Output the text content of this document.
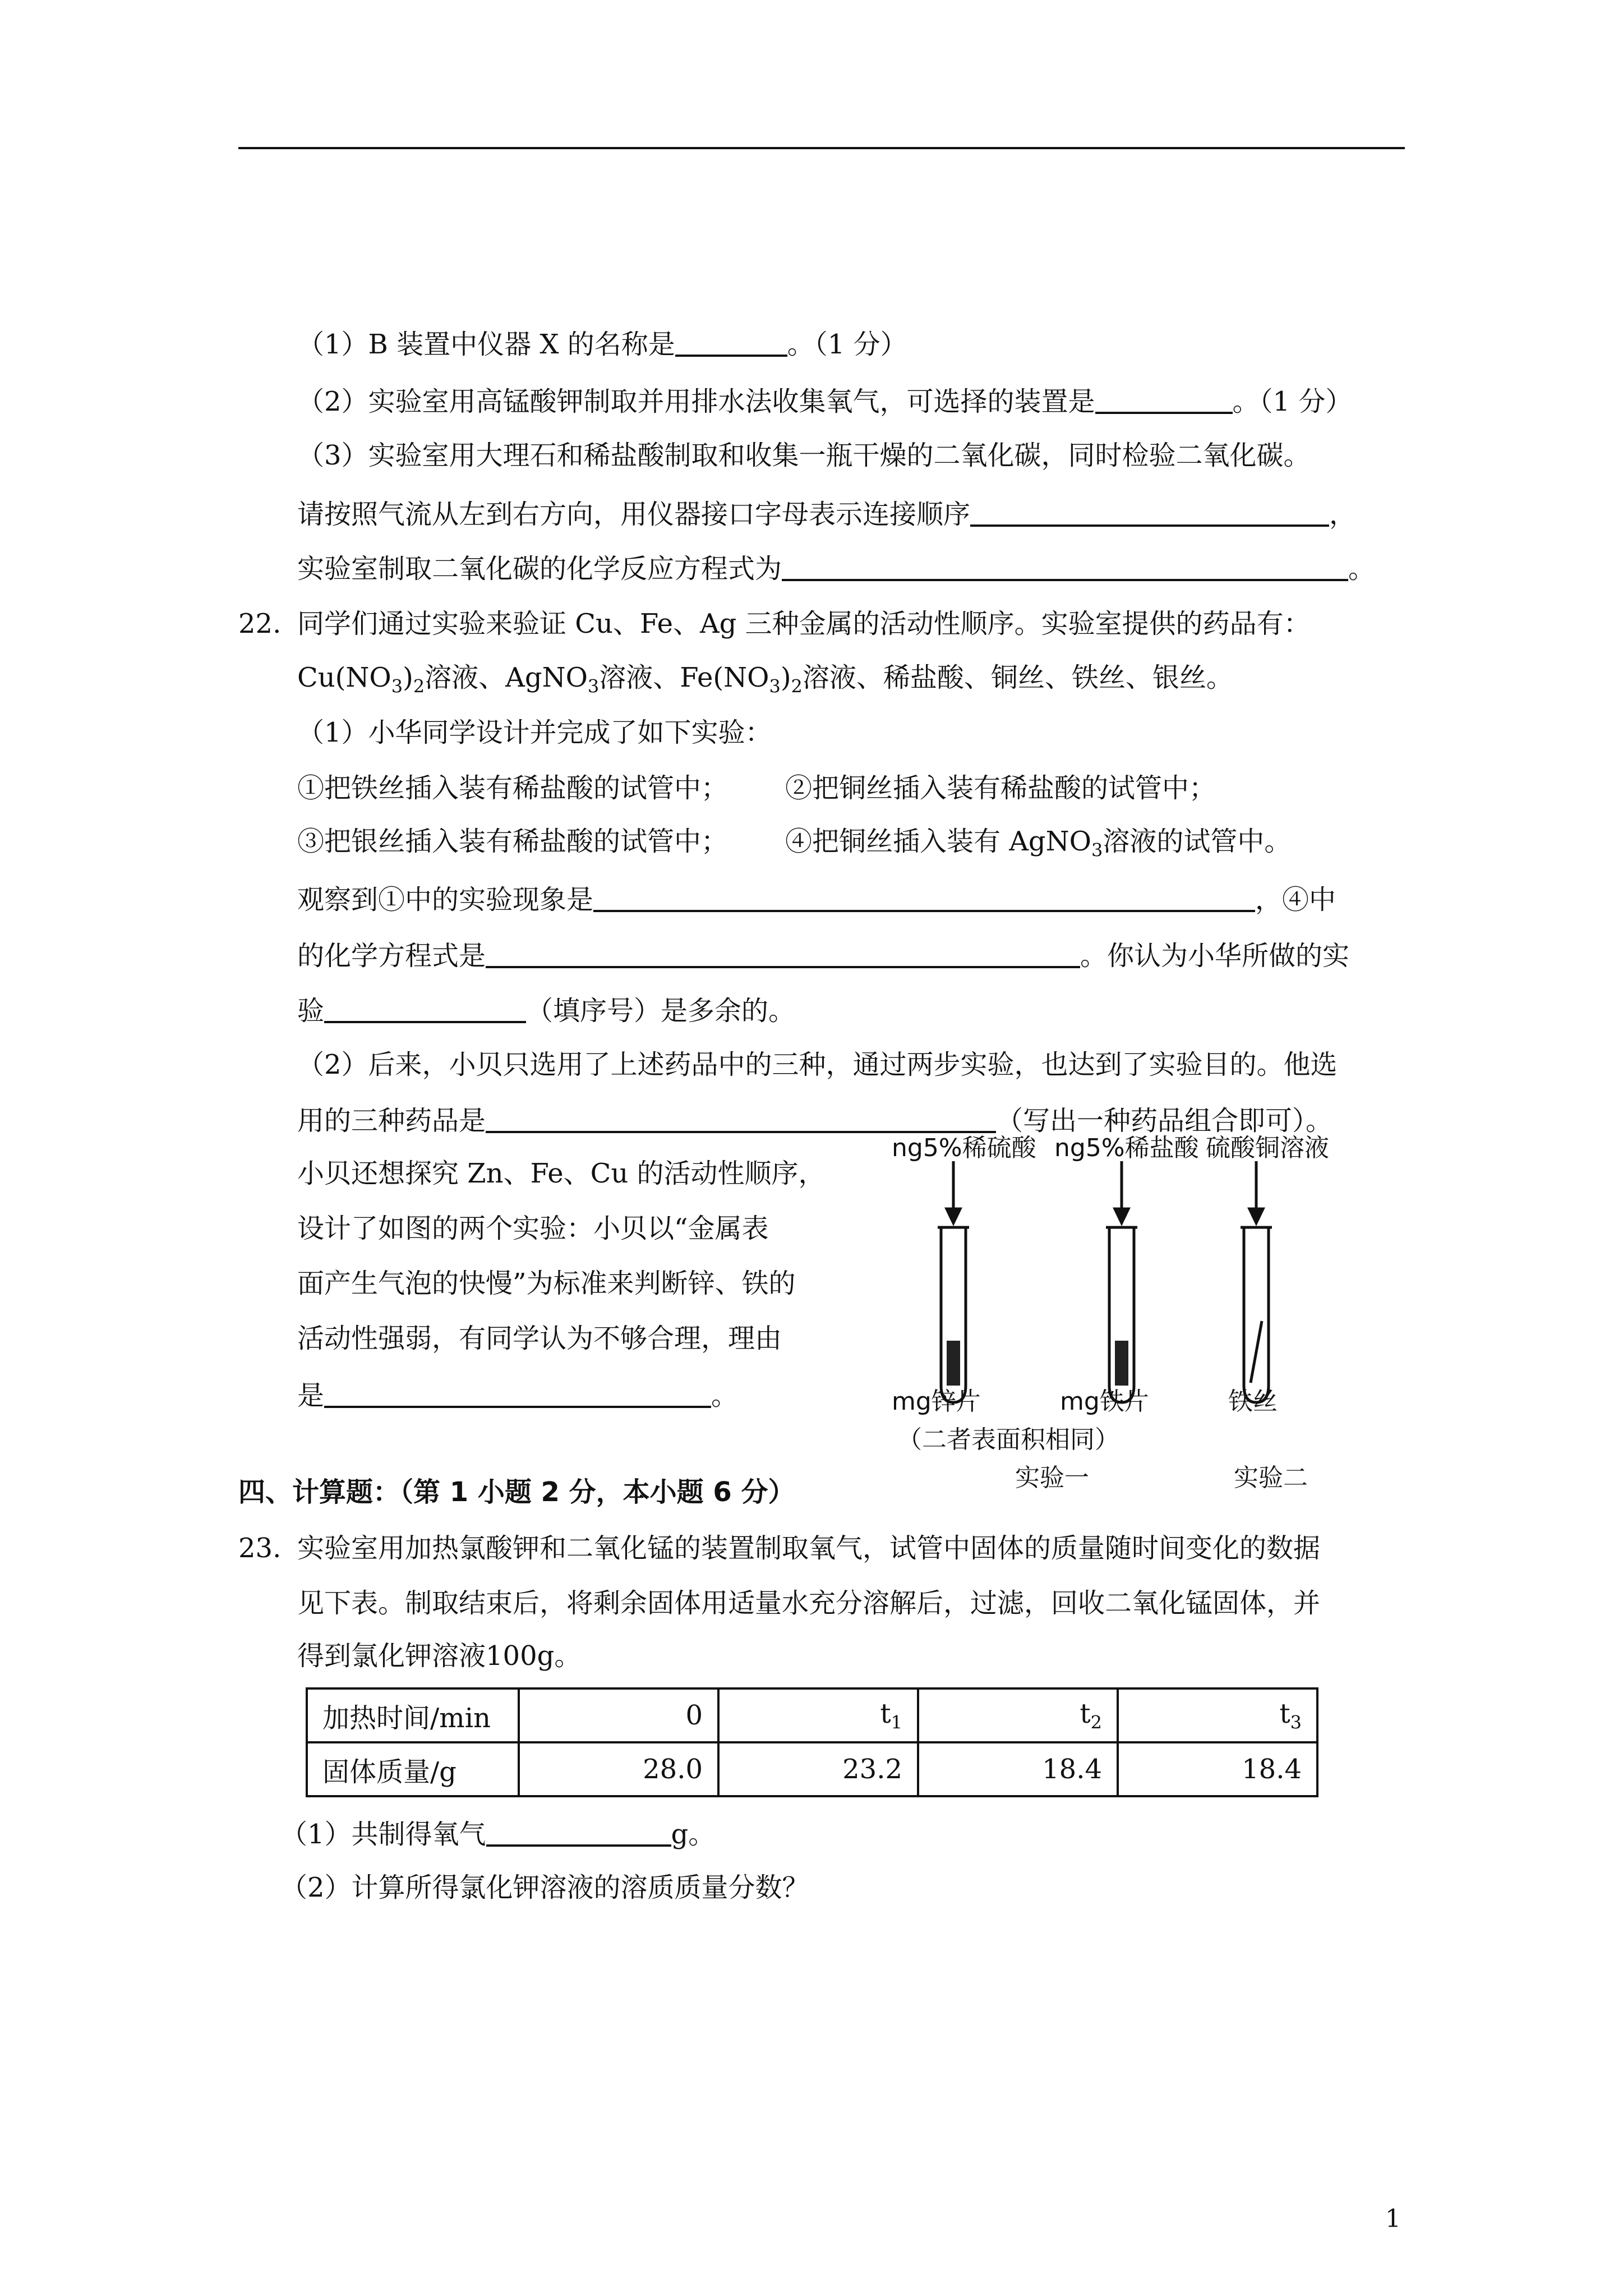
（1）B 装置中仪器 X 的名称是	。（1 分）
（2）实验室用高锰酸钾制取并用排水法收集氧气，可选择的装置是	。（1 分）
（3）实验室用大理石和稀盐酸制取和收集一瓶干燥的二氧化碳，同时检验二氧化碳。
请按照气流从左到右方向，用仪器接口字母表示连接顺序	，
实验室制取二氧化碳的化学反应方程式为	。
22. 同学们通过实验来验证 Cu、Fe、Ag 三种金属的活动性顺序。实验室提供的药品有：
$Cu(NO_3)_2$溶液、AgNO$_3$溶液、$Fe(NO_3)_2$溶液、稀盐酸、铜丝、铁丝、银丝。
（1）小华同学设计并完成了如下实验：
①把铁丝插入装有稀盐酸的试管中； ②把铜丝插入装有稀盐酸的试管中；
③把银丝插入装有稀盐酸的试管中； ④把铜丝插入装有 AgNO$_3$溶液的试管中。
观察到①中的实验现象是	，④中
的化学方程式是	。你认为小华所做的实
验	（填序号）是多余的。
（2）后来，小贝只选用了上述药品中的三种，通过两步实验，也达到了实验目的。他选
用的三种药品是	（写出一种药品组合即可）。
小贝还想探究 Zn、Fe、Cu 的活动性顺序，
设计了如图的两个实验：小贝以“金属表
面产生气泡的快慢”为标准来判断锌、铁的
活动性强弱，有同学认为不够合理，理由
是	。
ng5%稀硫酸 ng5%稀盐酸 硫酸铜溶液
mg锌片	mg铁片	铁丝
（二者表面积相同）
实验一	实验二
四、计算题：（第 1 小题 2 分，本小题 6 分）
23. 实验室用加热氯酸钾和二氧化锰的装置制取氧气，试管中固体的质量随时间变化的数据
见下表。制取结束后，将剩余固体用适量水充分溶解后，过滤，回收二氧化锰固体，并
得到氯化钾溶液100g。
加热时间/min	0	$t_1$	$t_2$	$t_3$
固体质量/g	28.0	23.2	18.4	18.4
（1）共制得氧气	g。
（2）计算所得氯化钾溶液的溶质质量分数？
1
